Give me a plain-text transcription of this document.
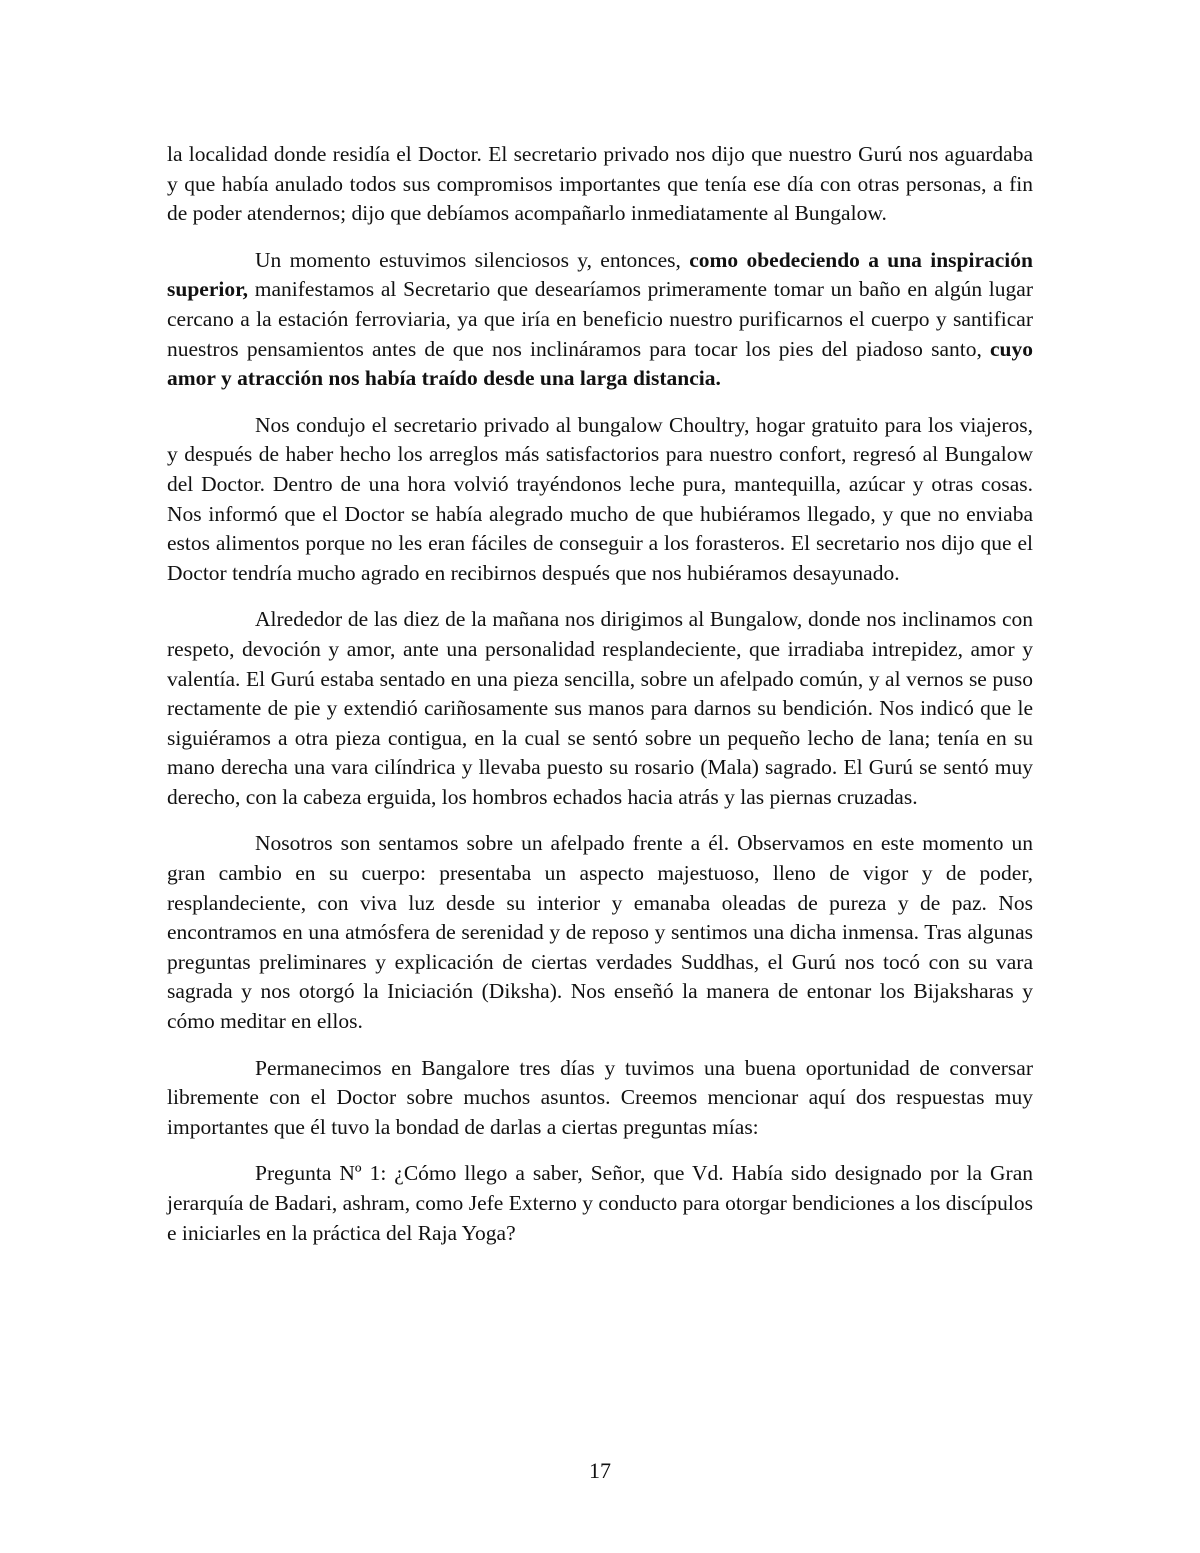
la localidad donde residía el Doctor. El secretario privado nos dijo que nuestro Gurú nos aguardaba y que había anulado todos sus compromisos importantes que tenía ese día con otras personas, a fin de poder atendernos; dijo que debíamos acompañarlo inmediatamente al Bungalow.

Un momento estuvimos silenciosos y, entonces, como obedeciendo a una inspiración superior, manifestamos al Secretario que desearíamos primeramente tomar un baño en algún lugar cercano a la estación ferroviaria, ya que iría en beneficio nuestro purificarnos el cuerpo y santificar nuestros pensamientos antes de que nos inclináramos para tocar los pies del piadoso santo, cuyo amor y atracción nos había traído desde una larga distancia.

Nos condujo el secretario privado al bungalow Choultry, hogar gratuito para los viajeros, y después de haber hecho los arreglos más satisfactorios para nuestro confort, regresó al Bungalow del Doctor. Dentro de una hora volvió trayéndonos leche pura, mantequilla, azúcar y otras cosas. Nos informó que el Doctor se había alegrado mucho de que hubiéramos llegado, y que no enviaba estos alimentos porque no les eran fáciles de conseguir a los forasteros. El secretario nos dijo que el Doctor tendría mucho agrado en recibirnos después que nos hubiéramos desayunado.

Alrededor de las diez de la mañana nos dirigimos al Bungalow, donde nos inclinamos con respeto, devoción y amor, ante una personalidad resplandeciente, que irradiaba intrepidez, amor y valentía. El Gurú estaba sentado en una pieza sencilla, sobre un afelpado común, y al vernos se puso rectamente de pie y extendió cariñosamente sus manos para darnos su bendición. Nos indicó que le siguiéramos a otra pieza contigua, en la cual se sentó sobre un pequeño lecho de lana; tenía en su mano derecha una vara cilíndrica y llevaba puesto su rosario (Mala) sagrado. El Gurú se sentó muy derecho, con la cabeza erguida, los hombros echados hacia atrás y las piernas cruzadas.

Nosotros son sentamos sobre un afelpado frente a él. Observamos en este momento un gran cambio en su cuerpo: presentaba un aspecto majestuoso, lleno de vigor y de poder, resplandeciente, con viva luz desde su interior y emanaba oleadas de pureza y de paz. Nos encontramos en una atmósfera de serenidad y de reposo y sentimos una dicha inmensa. Tras algunas preguntas preliminares y explicación de ciertas verdades Suddhas, el Gurú nos tocó con su vara sagrada y nos otorgó la Iniciación (Diksha). Nos enseñó la manera de entonar los Bijaksharas y cómo meditar en ellos.

Permanecimos en Bangalore tres días y tuvimos una buena oportunidad de conversar libremente con el Doctor sobre muchos asuntos. Creemos mencionar aquí dos respuestas muy importantes que él tuvo la bondad de darlas a ciertas preguntas mías:

Pregunta Nº 1: ¿Cómo llego a saber, Señor, que Vd. Había sido designado por la Gran jerarquía de Badari, ashram, como Jefe Externo y conducto para otorgar bendiciones a los discípulos e iniciarles en la práctica del Raja Yoga?

17
